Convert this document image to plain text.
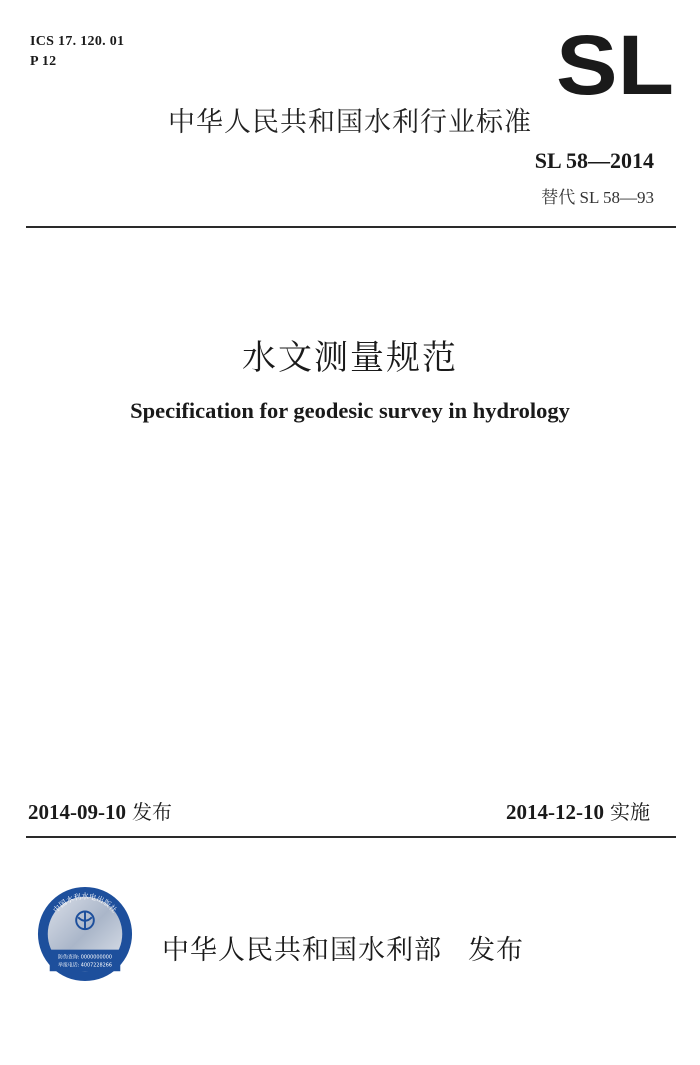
ICS 17. 120. 01
P 12	SL
中华人民共和国水利行业标准
SL 58—2014
替代 SL 58—93
水文测量规范
Specification for geodesic survey in hydrology
2014-09-10 发布	2014-12-10 实施
中国水利水电出版社
防伪查询: 0000000000
举报电话: 4007228266 中华人民共和国水利部 发布
